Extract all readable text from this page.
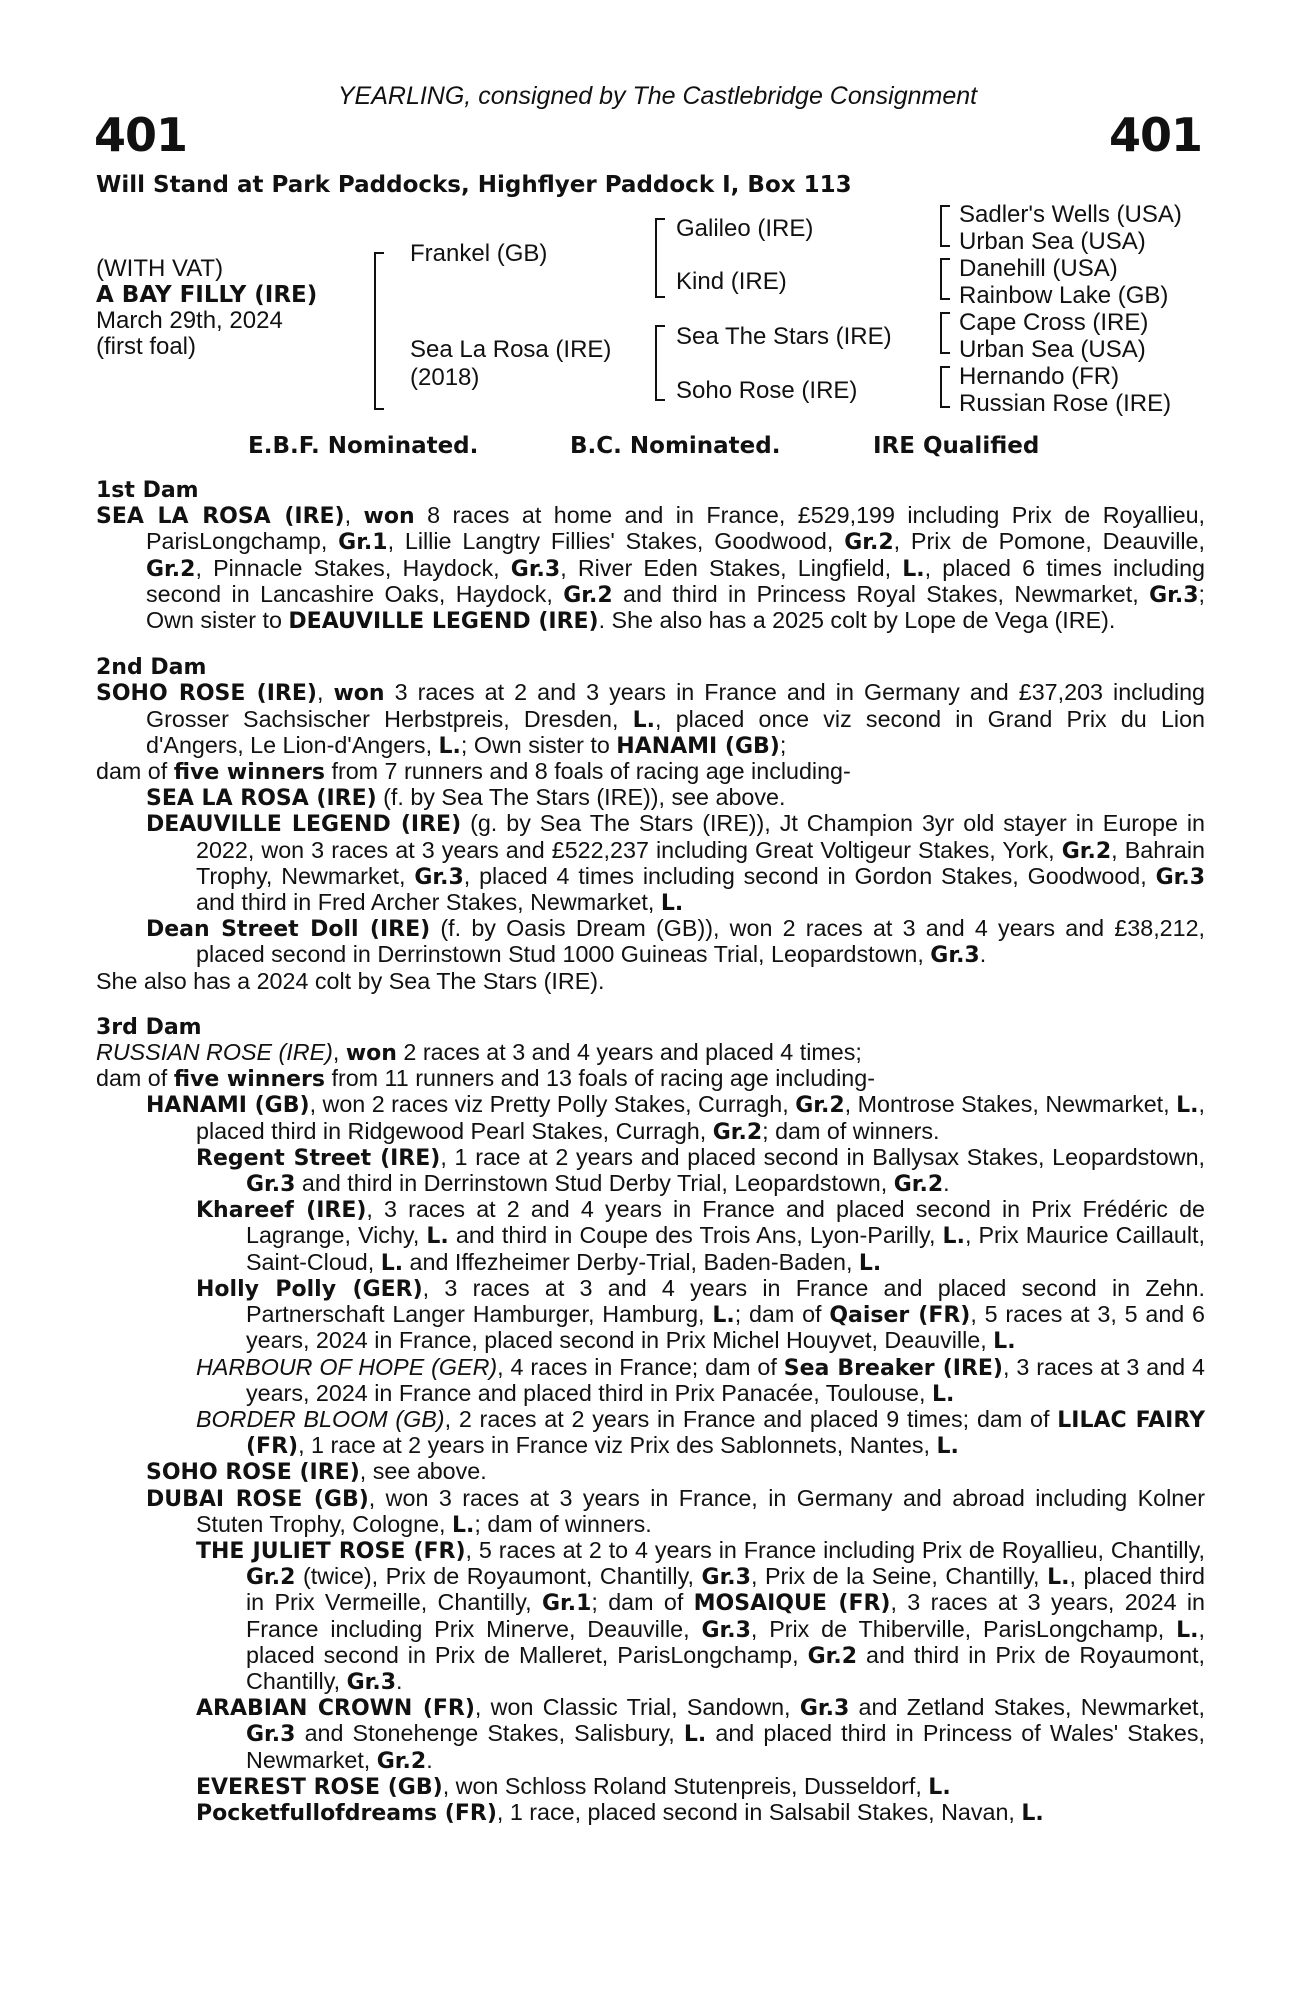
YEARLING, consigned by The Castlebridge Consignment
401	401
Will Stand at Park Paddocks, Highflyer Paddock I, Box 113
(WITH VAT)
A BAY FILLY (IRE)
March 29th, 2024
(first foal)
Frankel (GB)
Sea La Rosa (IRE)
(2018)
Galileo (IRE)
Kind (IRE)
Sea The Stars (IRE)
Soho Rose (IRE)
Sadler's Wells (USA)
Urban Sea (USA)
Danehill (USA)
Rainbow Lake (GB)
Cape Cross (IRE)
Urban Sea (USA)
Hernando (FR)
Russian Rose (IRE)
E.B.F. Nominated.	B.C. Nominated.	IRE Qualified

1st Dam

SEA LA ROSA (IRE), won 8 races at home and in France, £529,199 including Prix de Royallieu, ParisLongchamp, Gr.1, Lillie Langtry Fillies' Stakes, Goodwood, Gr.2, Prix de Pomone, Deauville, Gr.2, Pinnacle Stakes, Haydock, Gr.3, River Eden Stakes, Lingfield, L., placed 6 times including second in Lancashire Oaks, Haydock, Gr.2 and third in Princess Royal Stakes, Newmarket, Gr.3; Own sister to DEAUVILLE LEGEND (IRE). She also has a 2025 colt by Lope de Vega (IRE).

2nd Dam

SOHO ROSE (IRE), won 3 races at 2 and 3 years in France and in Germany and £37,203 including Grosser Sachsischer Herbstpreis, Dresden, L., placed once viz second in Grand Prix du Lion d'Angers, Le Lion-d'Angers, L.; Own sister to HANAMI (GB);

dam of five winners from 7 runners and 8 foals of racing age including-

SEA LA ROSA (IRE) (f. by Sea The Stars (IRE)), see above.

DEAUVILLE LEGEND (IRE) (g. by Sea The Stars (IRE)), Jt Champion 3yr old stayer in Europe in 2022, won 3 races at 3 years and £522,237 including Great Voltigeur Stakes, York, Gr.2, Bahrain Trophy, Newmarket, Gr.3, placed 4 times including second in Gordon Stakes, Goodwood, Gr.3 and third in Fred Archer Stakes, Newmarket, L.

Dean Street Doll (IRE) (f. by Oasis Dream (GB)), won 2 races at 3 and 4 years and £38,212, placed second in Derrinstown Stud 1000 Guineas Trial, Leopardstown, Gr.3.

She also has a 2024 colt by Sea The Stars (IRE).

3rd Dam

RUSSIAN ROSE (IRE), won 2 races at 3 and 4 years and placed 4 times;

dam of five winners from 11 runners and 13 foals of racing age including-

HANAMI (GB), won 2 races viz Pretty Polly Stakes, Curragh, Gr.2, Montrose Stakes, Newmarket, L., placed third in Ridgewood Pearl Stakes, Curragh, Gr.2; dam of winners.

Regent Street (IRE), 1 race at 2 years and placed second in Ballysax Stakes, Leopardstown, Gr.3 and third in Derrinstown Stud Derby Trial, Leopardstown, Gr.2.

Khareef (IRE), 3 races at 2 and 4 years in France and placed second in Prix Frédéric de Lagrange, Vichy, L. and third in Coupe des Trois Ans, Lyon-Parilly, L., Prix Maurice Caillault, Saint-Cloud, L. and Iffezheimer Derby-Trial, Baden-Baden, L.

Holly Polly (GER), 3 races at 3 and 4 years in France and placed second in Zehn. Partnerschaft Langer Hamburger, Hamburg, L.; dam of Qaiser (FR), 5 races at 3, 5 and 6 years, 2024 in France, placed second in Prix Michel Houyvet, Deauville, L.

HARBOUR OF HOPE (GER), 4 races in France; dam of Sea Breaker (IRE), 3 races at 3 and 4 years, 2024 in France and placed third in Prix Panacée, Toulouse, L.

BORDER BLOOM (GB), 2 races at 2 years in France and placed 9 times; dam of LILAC FAIRY (FR), 1 race at 2 years in France viz Prix des Sablonnets, Nantes, L.

SOHO ROSE (IRE), see above.

DUBAI ROSE (GB), won 3 races at 3 years in France, in Germany and abroad including Kolner Stuten Trophy, Cologne, L.; dam of winners.

THE JULIET ROSE (FR), 5 races at 2 to 4 years in France including Prix de Royallieu, Chantilly, Gr.2 (twice), Prix de Royaumont, Chantilly, Gr.3, Prix de la Seine, Chantilly, L., placed third in Prix Vermeille, Chantilly, Gr.1; dam of MOSAIQUE (FR), 3 races at 3 years, 2024 in France including Prix Minerve, Deauville, Gr.3, Prix de Thiberville, ParisLongchamp, L., placed second in Prix de Malleret, ParisLongchamp, Gr.2 and third in Prix de Royaumont, Chantilly, Gr.3.

ARABIAN CROWN (FR), won Classic Trial, Sandown, Gr.3 and Zetland Stakes, Newmarket, Gr.3 and Stonehenge Stakes, Salisbury, L. and placed third in Princess of Wales' Stakes, Newmarket, Gr.2.

EVEREST ROSE (GB), won Schloss Roland Stutenpreis, Dusseldorf, L.

Pocketfullofdreams (FR), 1 race, placed second in Salsabil Stakes, Navan, L.
